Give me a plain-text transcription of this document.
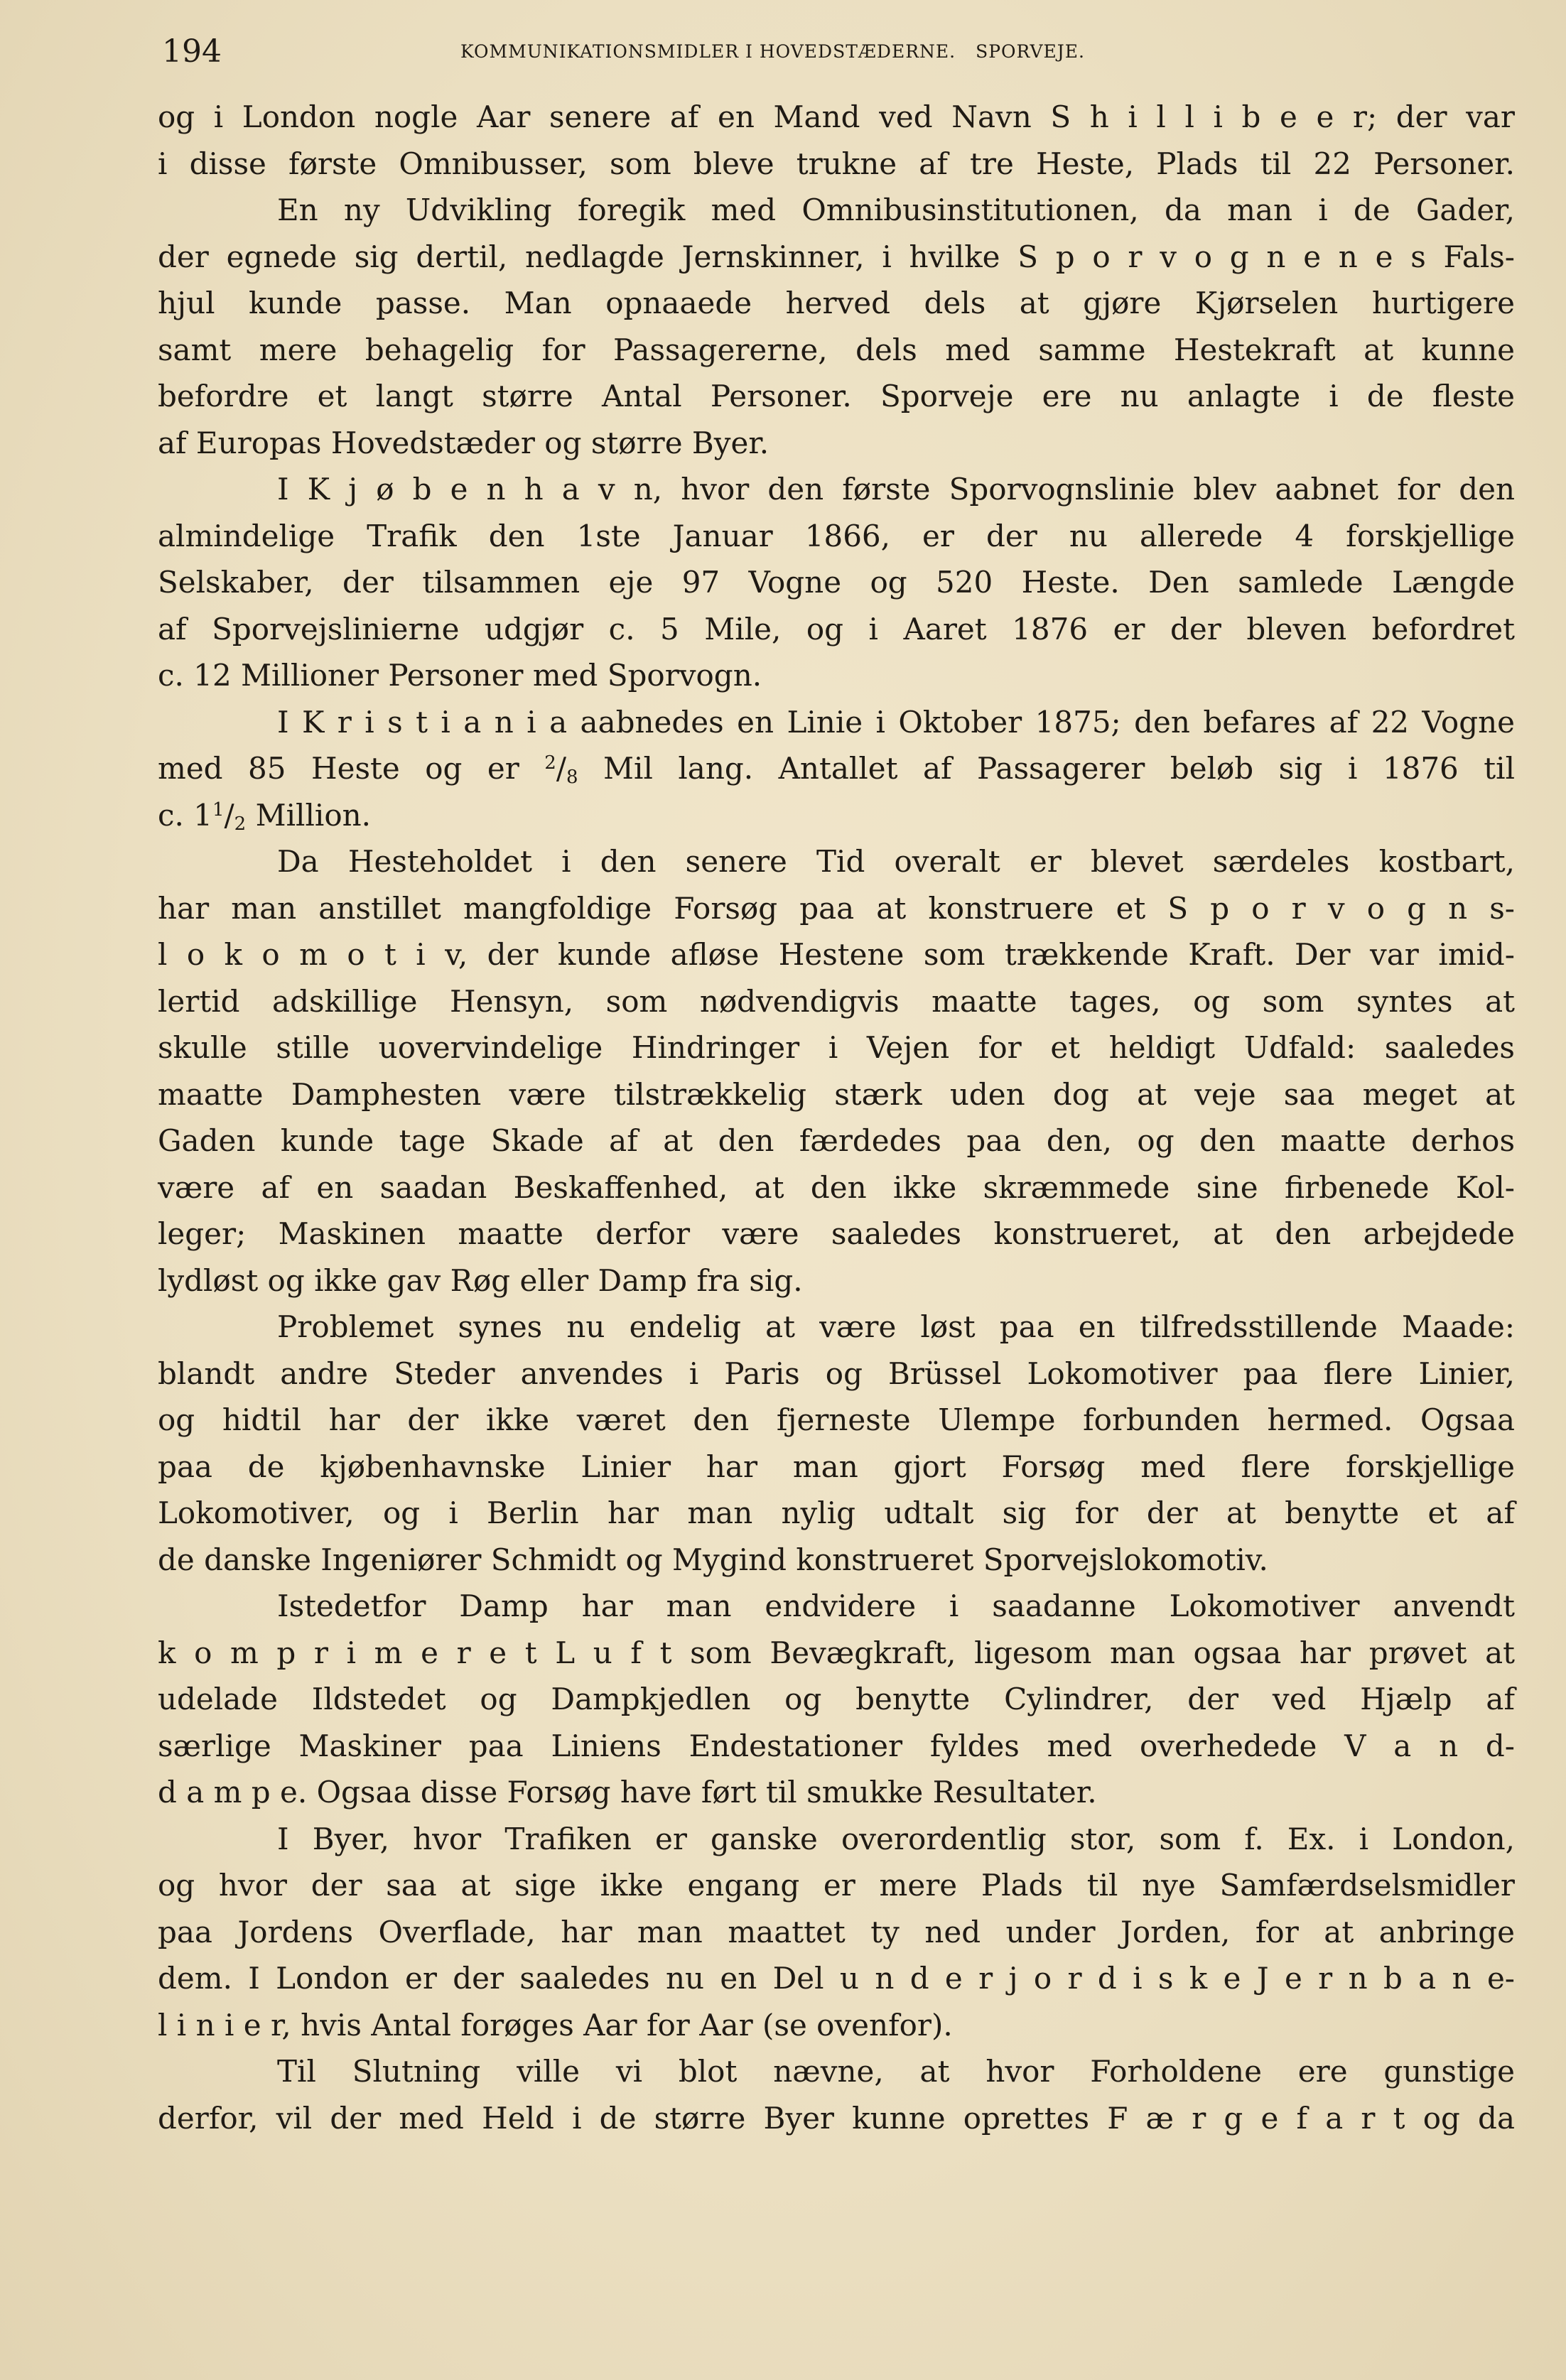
194	KOMMUNIKATIONSMIDLER I HOVEDSTÆDERNE. SPORVEJE.
og i London nogle Aar senere af en Mand ved Navn S h i l l i b e e r; der var
i disse første Omnibusser, som bleve trukne af tre Heste, Plads til 22 Personer.
En ny Udvikling foregik med Omnibusinstitutionen, da man i de Gader,
der egnede sig dertil, nedlagde Jernskinner, i hvilke S p o r v o g n e n e s Fals-
hjul kunde passe. Man opnaaede herved dels at gjøre Kjørselen hurtigere
samt mere behagelig for Passagererne, dels med samme Hestekraft at kunne
befordre et langt større Antal Personer. Sporveje ere nu anlagte i de fleste
af Europas Hovedstæder og større Byer.
I K j ø b e n h a v n, hvor den første Sporvognslinie blev aabnet for den
almindelige Trafik den 1ste Januar 1866, er der nu allerede 4 forskjellige
Selskaber, der tilsammen eje 97 Vogne og 520 Heste. Den samlede Længde
af Sporvejslinierne udgjør c. 5 Mile, og i Aaret 1876 er der bleven befordret
c. 12 Millioner Personer med Sporvogn.
I K r i s t i a n i a aabnedes en Linie i Oktober 1875; den befares af 22 Vogne
med 85 Heste og er $^2/_8$ Mil lang. Antallet af Passagerer beløb sig i 1876 til
c. $1^1/_2$ Million.
Da Hesteholdet i den senere Tid overalt er blevet særdeles kostbart,
har man anstillet mangfoldige Forsøg paa at konstruere et S p o r v o g n s-
l o k o m o t i v, der kunde afløse Hestene som trækkende Kraft. Der var imid-
lertid adskillige Hensyn, som nødvendigvis maatte tages, og som syntes at
skulle stille uovervindelige Hindringer i Vejen for et heldigt Udfald: saaledes
maatte Damphesten være tilstrækkelig stærk uden dog at veje saa meget at
Gaden kunde tage Skade af at den færdedes paa den, og den maatte derhos
være af en saadan Beskaffenhed, at den ikke skræmmede sine firbenede Kol-
leger; Maskinen maatte derfor være saaledes konstrueret, at den arbejdede
lydløst og ikke gav Røg eller Damp fra sig.
Problemet synes nu endelig at være løst paa en tilfredsstillende Maade:
blandt andre Steder anvendes i Paris og Brüssel Lokomotiver paa flere Linier,
og hidtil har der ikke været den fjerneste Ulempe forbunden hermed. Ogsaa
paa de kjøbenhavnske Linier har man gjort Forsøg med flere forskjellige
Lokomotiver, og i Berlin har man nylig udtalt sig for der at benytte et af
de danske Ingeniører Schmidt og Mygind konstrueret Sporvejslokomotiv.
Istedetfor Damp har man endvidere i saadanne Lokomotiver anvendt
k o m p r i m e r e t L u f t som Bevægkraft, ligesom man ogsaa har prøvet at
udelade Ildstedet og Dampkjedlen og benytte Cylindrer, der ved Hjælp af
særlige Maskiner paa Liniens Endestationer fyldes med overhedede V a n d-
d a m p e. Ogsaa disse Forsøg have ført til smukke Resultater.
I Byer, hvor Trafiken er ganske overordentlig stor, som f. Ex. i London,
og hvor der saa at sige ikke engang er mere Plads til nye Samfærdselsmidler
paa Jordens Overflade, har man maattet ty ned under Jorden, for at anbringe
dem. I London er der saaledes nu en Del u n d e r j o r d i s k e J e r n b a n e-
l i n i e r, hvis Antal forøges Aar for Aar (se ovenfor).
Til Slutning ville vi blot nævne, at hvor Forholdene ere gunstige
derfor, vil der med Held i de større Byer kunne oprettes F æ r g e f a r t og da
